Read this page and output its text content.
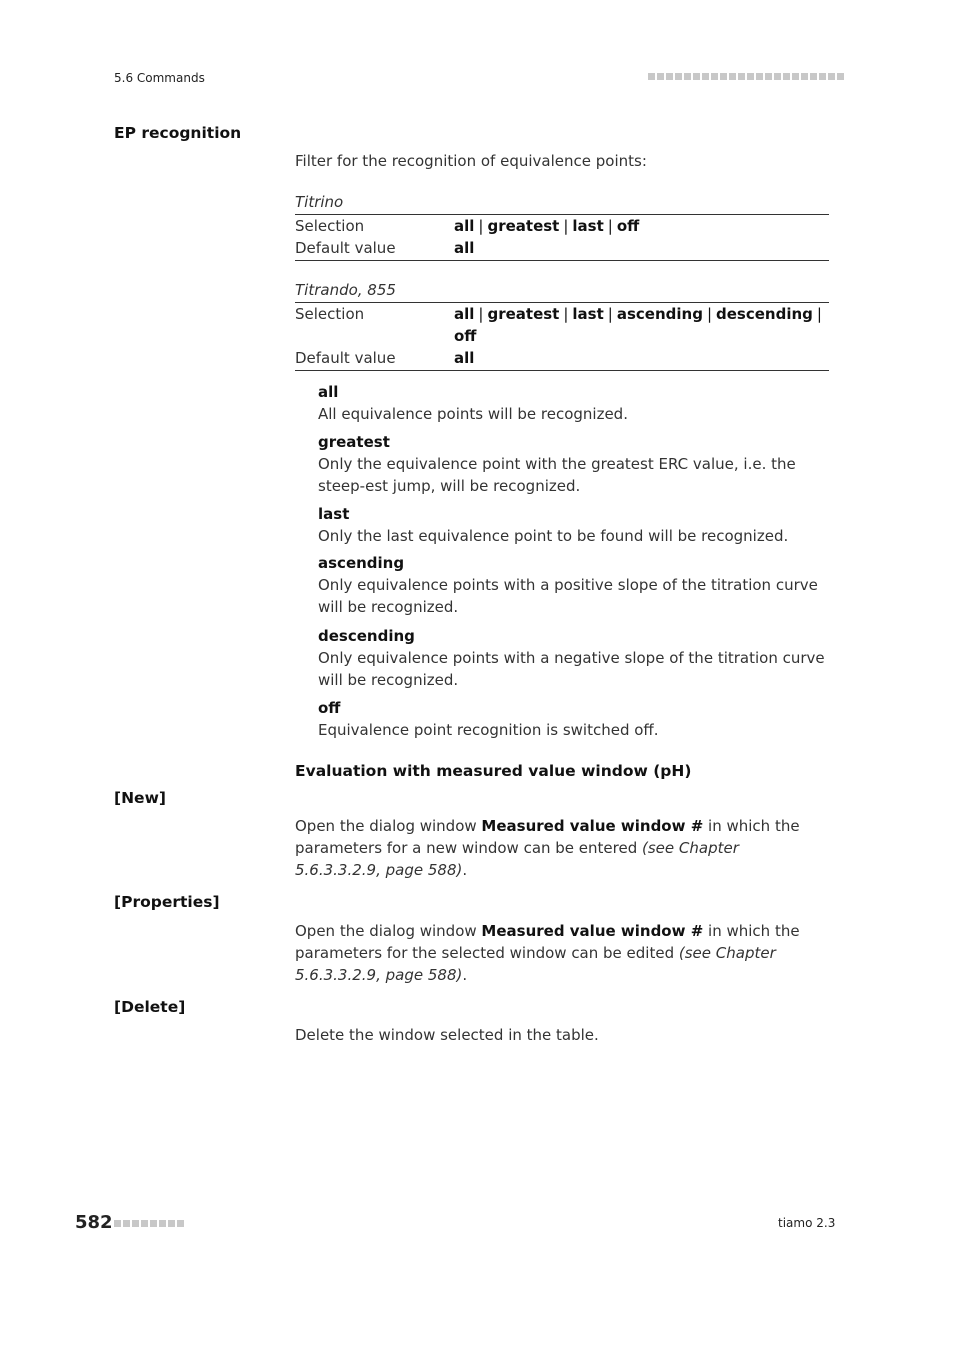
5.6 Commands
EP recognition
Filter for the recognition of equivalence points:
Titrino
Selection	all | greatest | last | off
Default value	all
Titrando, 855
Selection	all | greatest | last | ascending | descending |
off
Default value	all
all
All equivalence points will be recognized.
greatest
Only the equivalence point with the greatest ERC value, i.e. the steep-est jump, will be recognized.
last
Only the last equivalence point to be found will be recognized.
ascending
Only equivalence points with a positive slope of the titration curve will be recognized.
descending
Only equivalence points with a negative slope of the titration curve will be recognized.
off
Equivalence point recognition is switched off.
Evaluation with measured value window (pH)
[New]
Open the dialog window Measured value window # in which the parameters for a new window can be entered (see Chapter 5.6.3.3.2.9, page 588).
[Properties]
Open the dialog window Measured value window # in which the parameters for the selected window can be edited (see Chapter 5.6.3.3.2.9, page 588).
[Delete]
Delete the window selected in the table.
582	tiamo 2.3
